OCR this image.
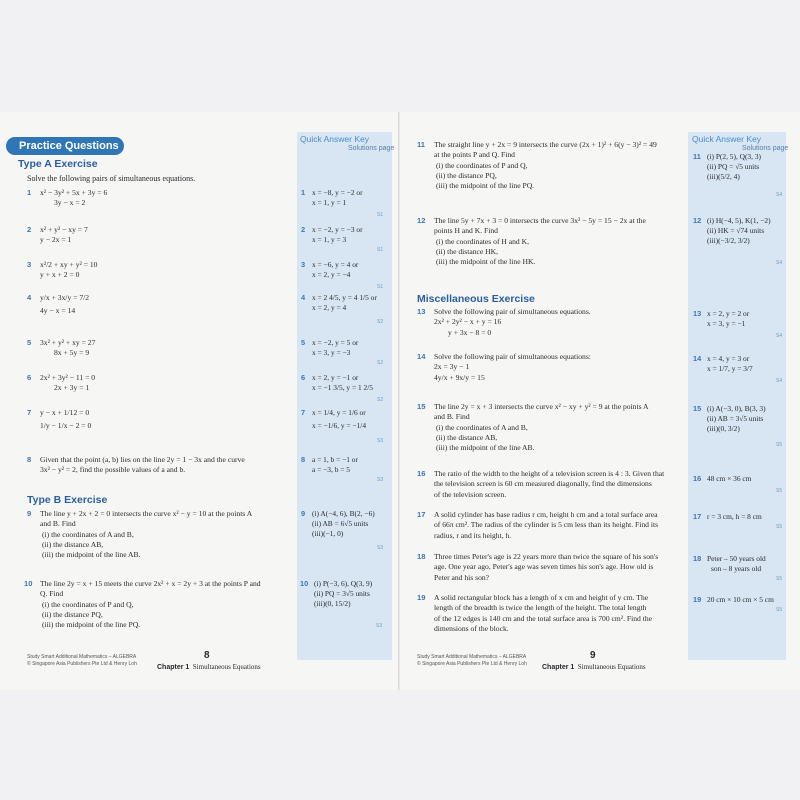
Quick Answer Key
Solutions page
Practice Questions
Type A Exercise
Solve the following pairs of simultaneous equations.
1 x² − 3y² + 5x + 3y = 6
3y − x = 2
1 x = −8, y = −2 or
x = 1, y = 1
S1
2 x² + y² − xy = 7
y − 2x = 1
2 x = −2, y = −3 or
x = 1, y = 3
S1
3 x²/2 + xy + y² = 10
y + x + 2 = 0
3 x = −6, y = 4 or
x = 2, y = −4
S1
4 y/x + 3x/y = 7/2
4y − x = 14
4 x = 2 4/5, y = 4 1/5 or
x = 2, y = 4
S2
5 3x² + y² + xy = 27
8x + 5y = 9
5 x = −2, y = 5 or
x = 3, y = −3
S2
6 2x² + 3y² − 11 = 0
2x + 3y = 1
6 x = 2, y = −1 or
x = −1 3/5, y = 1 2/5
S2
7 y − x + 1/12 = 0
1/y − 1/x − 2 = 0
7 x = 1/4, y = 1/6 or
x = −1/6, y = −1/4
S3
8 Given that the point (a, b) lies on the line 2y = 1 − 3x and the curve
3x² − y² = 2, find the possible values of a and b.
8 a = 1, b = −1 or
a = −3, b = 5
S3
Type B Exercise
9 The line y + 2x + 2 = 0 intersects the curve x² − y = 10 at the points A
and B. Find
(i) the coordinates of A and B,
(ii) the distance AB,
(iii) the midpoint of the line AB.
9 (i) A(−4, 6), B(2, −6)
(ii) AB = 6√5 units
(iii)(−1, 0)
S3
10 The line 2y = x + 15 meets the curve 2x² + x = 2y + 3 at the points P and
Q. Find
(i) the coordinates of P and Q,
(ii) the distance PQ,
(iii) the midpoint of the line PQ.
10 (i) P(−3, 6), Q(3, 9)
(ii) PQ = 3√5 units
(iii)(0, 15/2)
S3
Study Smart Additional Mathematics – ALGEBRA
© Singapore Asia Publishers Pte Ltd & Henry Loh
8
Chapter 1 Simultaneous Equations
Quick Answer Key
Solutions page
11 The straight line y + 2x = 9 intersects the curve (2x + 1)² + 6(y − 3)² = 49
at the points P and Q. Find
(i) the coordinates of P and Q,
(ii) the distance PQ,
(iii) the midpoint of the line PQ.
11 (i) P(2, 5), Q(3, 3)
(ii) PQ = √5 units
(iii)(5/2, 4)
S4
12 The line 5y + 7x + 3 = 0 intersects the curve 3x² − 5y = 15 − 2x at the
points H and K. Find
(i) the coordinates of H and K,
(ii) the distance HK,
(iii) the midpoint of the line HK.
12 (i) H(−4, 5), K(1, −2)
(ii) HK = √74 units
(iii)(−3/2, 3/2)
S4
Miscellaneous Exercise
13 Solve the following pair of simultaneous equations.
2x² + 2y² − x + y = 16
y + 3x − 8 = 0
13 x = 2, y = 2 or
x = 3, y = −1
S4
14 Solve the following pair of simultaneous equations:
2x = 3y − 1
4y/x + 9x/y = 15
14 x = 4, y = 3 or
x = 1/7, y = 3/7
S4
15 The line 2y = x + 3 intersects the curve x² − xy + y² = 9 at the points A
and B. Find
(i) the coordinates of A and B,
(ii) the distance AB,
(iii) the midpoint of the line AB.
15 (i) A(−3, 0), B(3, 3)
(ii) AB = 3√5 units
(iii)(0, 3/2)
S5
16 The ratio of the width to the height of a television screen is 4 : 3. Given that
the television screen is 60 cm measured diagonally, find the dimensions
of the television screen.
16 48 cm × 36 cm
S5
17 A solid cylinder has base radius r cm, height h cm and a total surface area
of 66π cm². The radius of the cylinder is 5 cm less than its height. Find its
radius, r and its height, h.
17 r = 3 cm, h = 8 cm
S5
18 Three times Peter's age is 22 years more than twice the square of his son's
age. One year ago, Peter's age was seven times his son's age. How old is
Peter and his son?
18 Peter – 50 years old
son – 8 years old
S5
19 A solid rectangular block has a length of x cm and height of y cm. The
length of the breadth is twice the length of the height. The total length
of the 12 edges is 140 cm and the total surface area is 700 cm². Find the
dimensions of the block.
19 20 cm × 10 cm × 5 cm
S5
Study Smart Additional Mathematics – ALGEBRA
© Singapore Asia Publishers Pte Ltd & Henry Loh
9
Chapter 1 Simultaneous Equations
